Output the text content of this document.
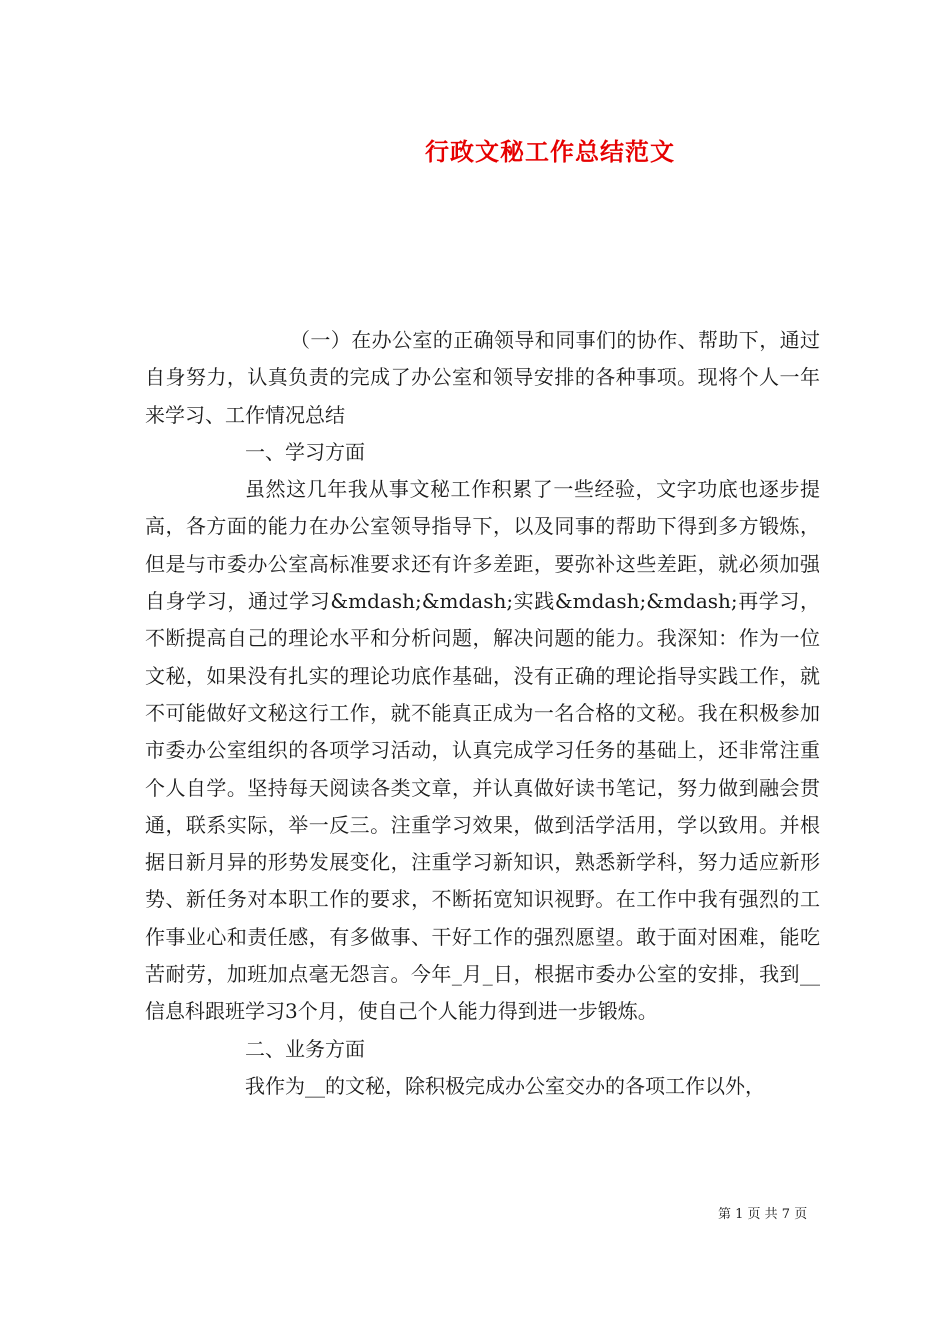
行政文秘工作总结范文

（一）在办公室的正确领导和同事们的协作、帮助下，通过自身努力，认真负责的完成了办公室和领导安排的各种事项。现将个人一年来学习、工作情况总结

一、学习方面

虽然这几年我从事文秘工作积累了一些经验，文字功底也逐步提高，各方面的能力在办公室领导指导下，以及同事的帮助下得到多方锻炼，但是与市委办公室高标准要求还有许多差距，要弥补这些差距，就必须加强自身学习，通过学习&mdash;&mdash;实践&mdash;&mdash;再学习，不断提高自己的理论水平和分析问题，解决问题的能力。我深知：作为一位文秘，如果没有扎实的理论功底作基础，没有正确的理论指导实践工作，就不可能做好文秘这行工作，就不能真正成为一名合格的文秘。我在积极参加市委办公室组织的各项学习活动，认真完成学习任务的基础上，还非常注重个人自学。坚持每天阅读各类文章，并认真做好读书笔记，努力做到融会贯通，联系实际，举一反三。注重学习效果，做到活学活用，学以致用。并根据日新月异的形势发展变化，注重学习新知识，熟悉新学科，努力适应新形势、新任务对本职工作的要求，不断拓宽知识视野。在工作中我有强烈的工作事业心和责任感，有多做事、干好工作的强烈愿望。敢于面对困难，能吃苦耐劳，加班加点毫无怨言。今年_月_日，根据市委办公室的安排，我到__信息科跟班学习3个月，使自己个人能力得到进一步锻炼。

二、业务方面

我作为__的文秘，除积极完成办公室交办的各项工作以外，

第 1 页 共 7 页
